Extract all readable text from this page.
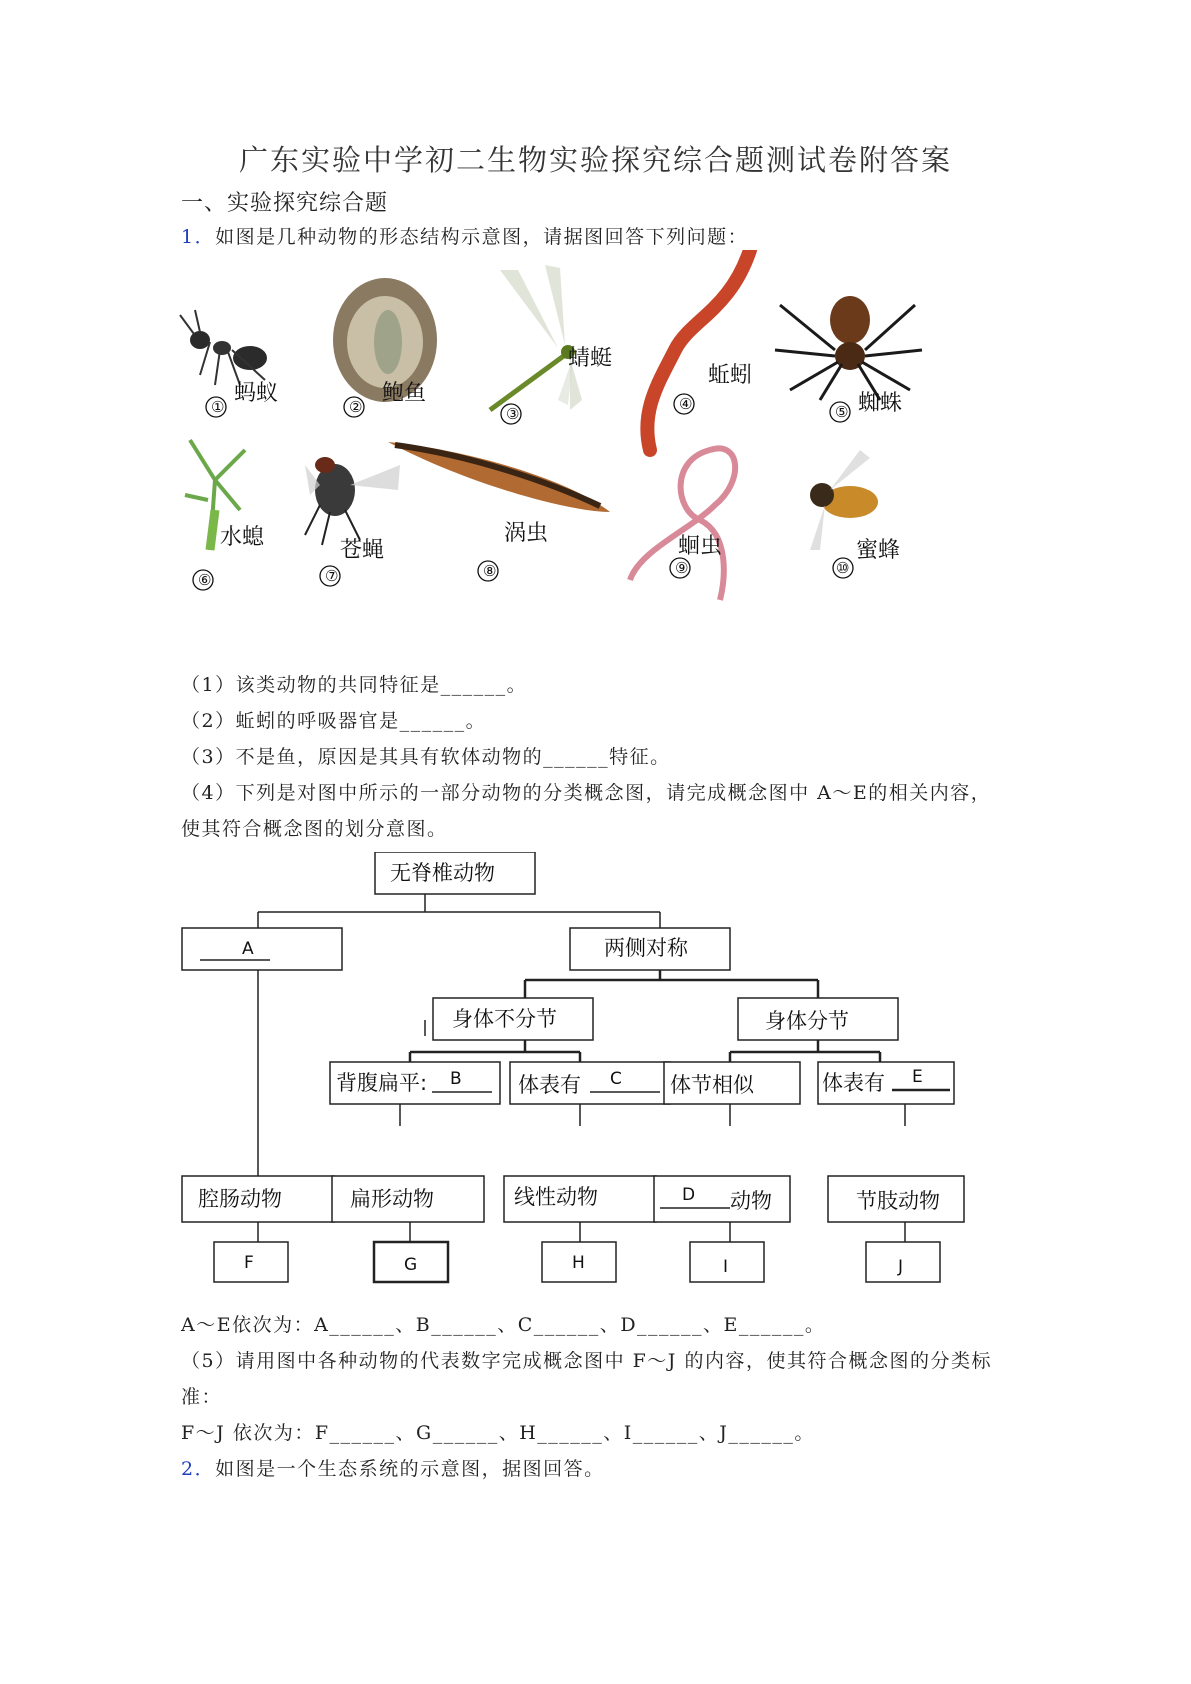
广东实验中学初二生物实验探究综合题测试卷附答案
一、实验探究综合题
1．如图是几种动物的形态结构示意图，请据图回答下列问题：
①
蚂蚁
②
鲍鱼
③
蜻蜓
④
蚯蚓
⑤ 蜘蛛
⑥
水螅
⑦
苍蝇
⑧
涡虫
⑨
蛔虫
⑩
蜜蜂
（1）该类动物的共同特征是______。
（2）蚯蚓的呼吸器官是______。
（3）不是鱼，原因是其具有软体动物的______特征。
（4）下列是对图中所示的一部分动物的分类概念图，请完成概念图中 A～E的相关内容，
使其符合概念图的划分意图。
无脊椎动物
A	两侧对称
身体不分节	身体分节
背腹扁平: B	体表有 C 体节相似	体表有 E
腔肠动物	扁形动物	线性动物	D 动物	节肢动物
F	G	H	I	J
A～E依次为：A______、B______、C______、D______、E______。
（5）请用图中各种动物的代表数字完成概念图中 F～J 的内容，使其符合概念图的分类标
准：
F～J 依次为：F______、G______、H______、I______、J______。
2．如图是一个生态系统的示意图，据图回答。
